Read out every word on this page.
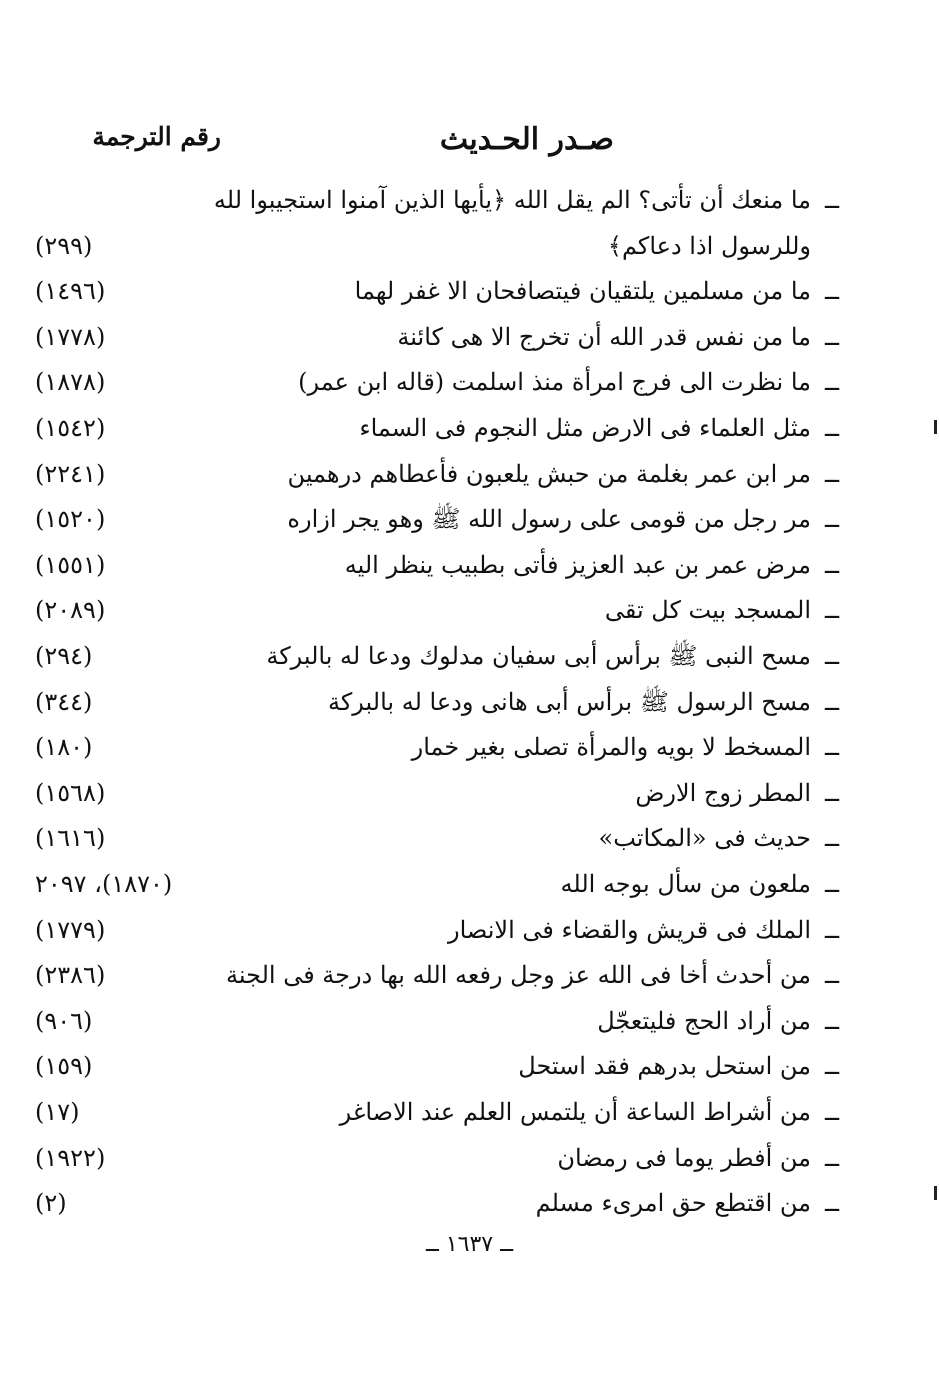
صـدر الحـديث
رقم الترجمة
ــ
ما منعك أن تأتى؟ الم يقل الله ﴿يأيها الذين آمنوا استجيبوا لله
وللرسول اذا دعاكم﴾
(٢٩٩)
ــ
ما من مسلمين يلتقيان فيتصافحان الا غفر لهما
(١٤٩٦)
ــ
ما من نفس قدر الله أن تخرج الا هى كائنة
(١٧٧٨)
ــ
ما نظرت الى فرج امرأة منذ اسلمت (قاله ابن عمر)
(١٨٧٨)
ــ
مثل العلماء فى الارض مثل النجوم فى السماء
(١٥٤٢)
ــ
مر ابن عمر بغلمة من حبش يلعبون فأعطاهم درهمين
(٢٢٤١)
ــ
مر رجل من قومى على رسول الله ﷺ وهو يجر ازاره
(١٥٢٠)
ــ
مرض عمر بن عبد العزيز فأتى بطبيب ينظر اليه
(١٥٥١)
ــ
المسجد بيت كل تقى
(٢٠٨٩)
ــ
مسح النبى ﷺ برأس أبى سفيان مدلوك ودعا له بالبركة
(٢٩٤)
ــ
مسح الرسول ﷺ برأس أبى هانى ودعا له بالبركة
(٣٤٤)
ــ
المسخط لا بويه والمرأة تصلى بغير خمار
(١٨٠)
ــ
المطر زوج الارض
(١٥٦٨)
ــ
حديث فى «المكاتب»
(١٦١٦)
ــ
ملعون من سأل بوجه الله
(١٨٧٠)، ٢٠٩٧
ــ
الملك فى قريش والقضاء فى الانصار
(١٧٧٩)
ــ
من أحدث أخا فى الله عز وجل رفعه الله بها درجة فى الجنة
(٢٣٨٦)
ــ
من أراد الحج فليتعجّل
(٩٠٦)
ــ
من استحل بدرهم فقد استحل
(١٥٩)
ــ
من أشراط الساعة أن يلتمس العلم عند الاصاغر
(١٧)
ــ
من أفطر يوما فى رمضان
(١٩٢٢)
ــ
من اقتطع حق امرىء مسلم
(٢)
ــ ١٦٣٧ ــ
